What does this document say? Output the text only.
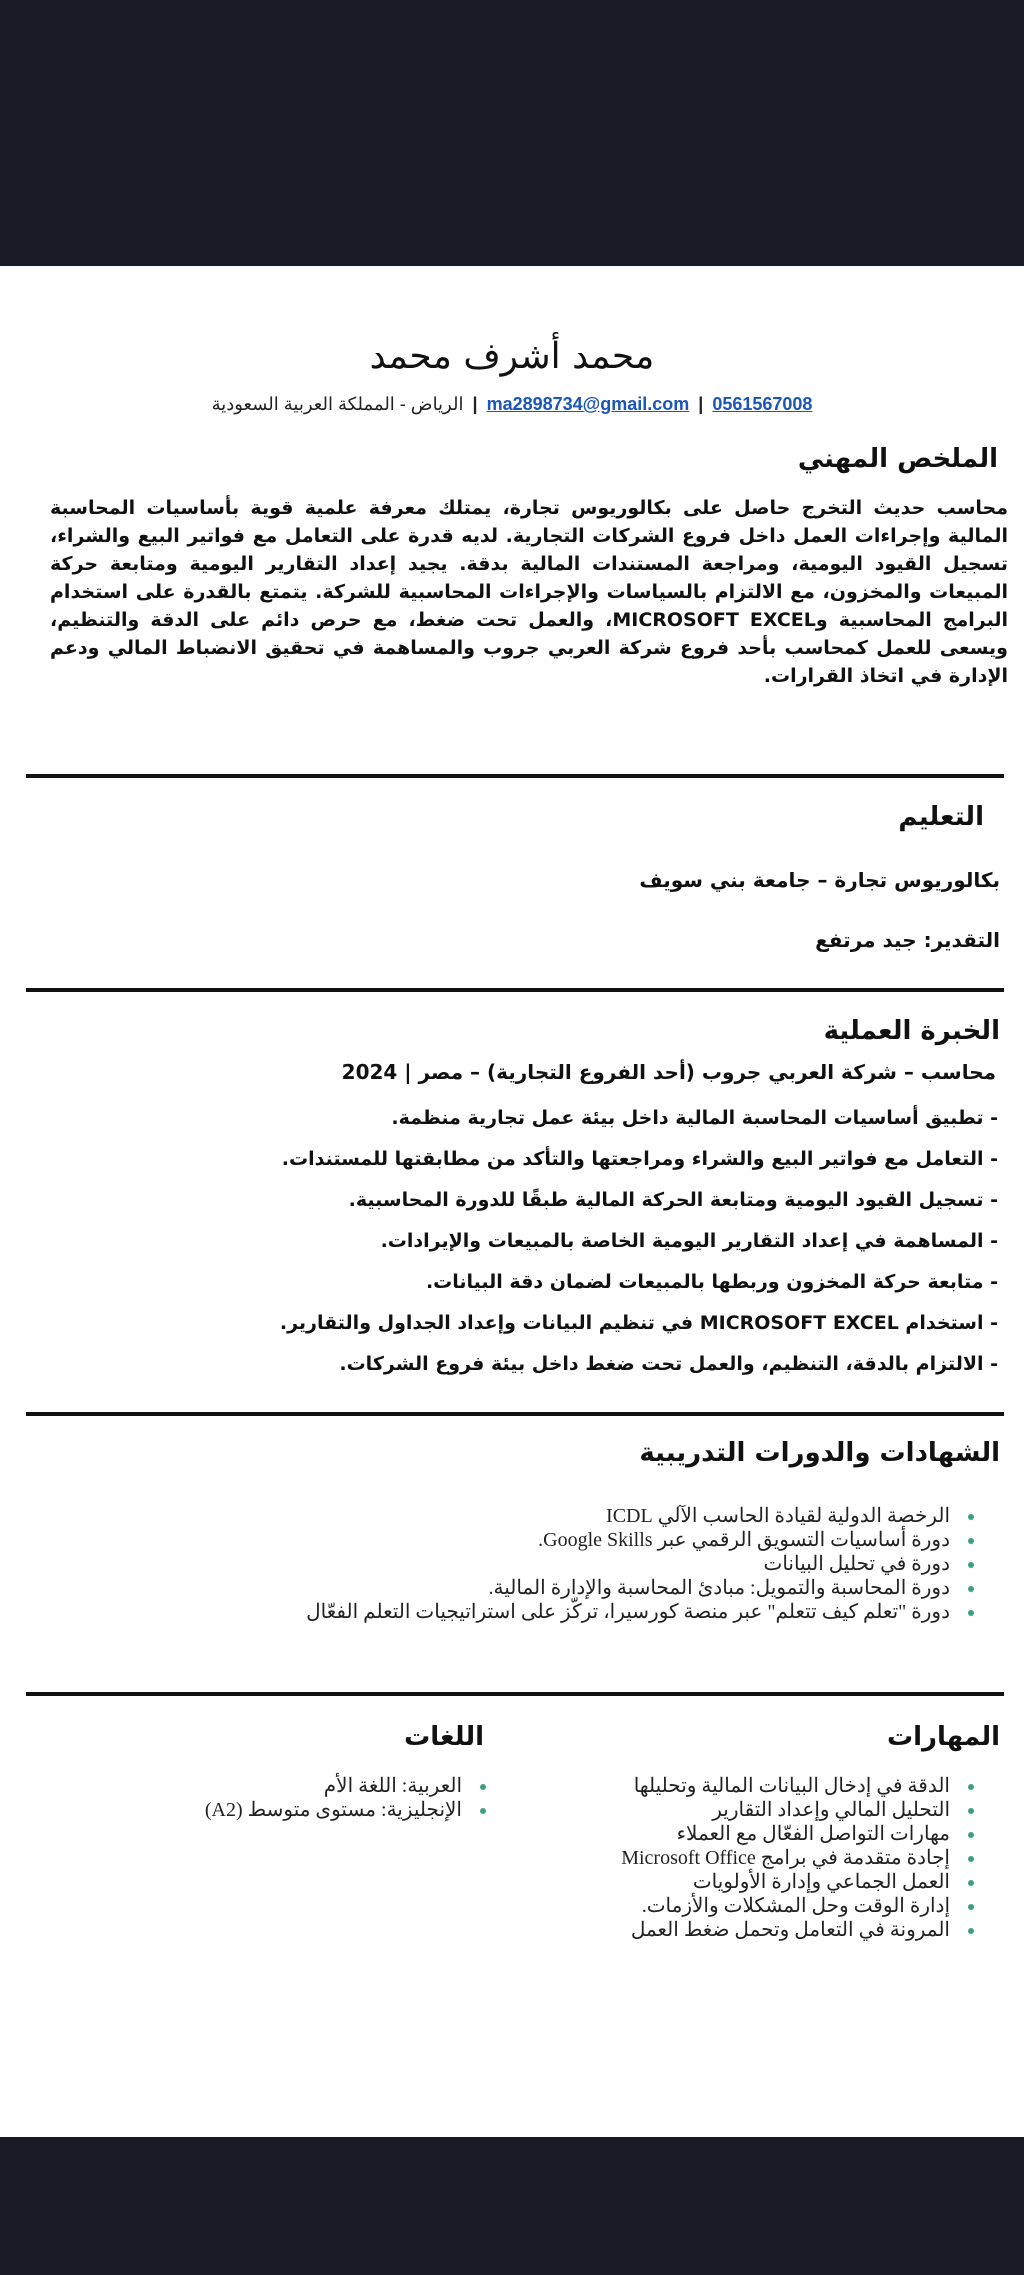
محمد أشرف محمد
0561567008 | ma2898734@gmail.com | الرياض - المملكة العربية السعودية
الملخص المهني
محاسب حديث التخرج حاصل على بكالوريوس تجارة، يمتلك معرفة علمية قوية بأساسيات المحاسبة المالية وإجراءات العمل داخل فروع الشركات التجارية. لديه قدرة على التعامل مع فواتير البيع والشراء، تسجيل القيود اليومية، ومراجعة المستندات المالية بدقة. يجيد إعداد التقارير اليومية ومتابعة حركة المبيعات والمخزون، مع الالتزام بالسياسات والإجراءات المحاسبية للشركة. يتمتع بالقدرة على استخدام البرامج المحاسبية وMICROSOFT EXCEL، والعمل تحت ضغط، مع حرص دائم على الدقة والتنظيم، ويسعى للعمل كمحاسب بأحد فروع شركة العربي جروب والمساهمة في تحقيق الانضباط المالي ودعم الإدارة في اتخاذ القرارات.
التعليم
بكالوريوس تجارة – جامعة بني سويف
التقدير: جيد مرتفع
الخبرة العملية
محاسب – شركة العربي جروب (أحد الفروع التجارية) – مصر | 2024
- تطبيق أساسيات المحاسبة المالية داخل بيئة عمل تجارية منظمة.
- التعامل مع فواتير البيع والشراء ومراجعتها والتأكد من مطابقتها للمستندات.
- تسجيل القيود اليومية ومتابعة الحركة المالية طبقًا للدورة المحاسبية.
- المساهمة في إعداد التقارير اليومية الخاصة بالمبيعات والإيرادات.
- متابعة حركة المخزون وربطها بالمبيعات لضمان دقة البيانات.
- استخدام MICROSOFT EXCEL في تنظيم البيانات وإعداد الجداول والتقارير.
- الالتزام بالدقة، التنظيم، والعمل تحت ضغط داخل بيئة فروع الشركات.
الشهادات والدورات التدريبية
الرخصة الدولية لقيادة الحاسب الآلي ICDL
دورة أساسيات التسويق الرقمي عبر Google Skills.
دورة في تحليل البيانات
دورة المحاسبة والتمويل: مبادئ المحاسبة والإدارة المالية.
دورة "تعلم كيف تتعلم" عبر منصة كورسيرا، تركّز على استراتيجيات التعلم الفعّال
المهارات
الدقة في إدخال البيانات المالية وتحليلها
التحليل المالي وإعداد التقارير
مهارات التواصل الفعّال مع العملاء
إجادة متقدمة في برامج Microsoft Office
العمل الجماعي وإدارة الأولويات
إدارة الوقت وحل المشكلات والأزمات.
المرونة في التعامل وتحمل ضغط العمل
اللغات
العربية: اللغة الأم
الإنجليزية: مستوى متوسط (A2)
